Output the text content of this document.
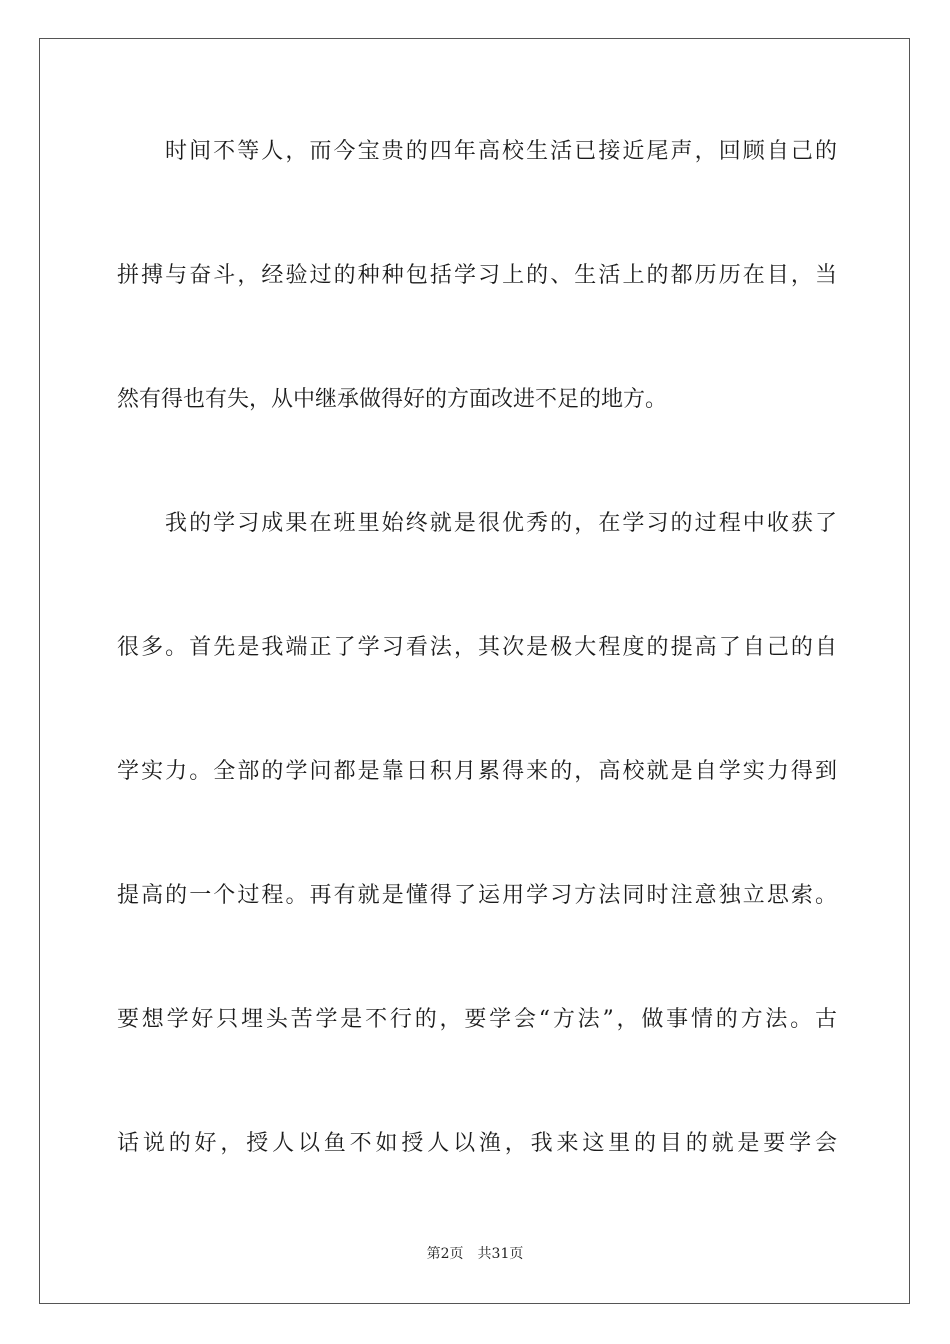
时间不等人，而今宝贵的四年高校生活已接近尾声，回顾自己的
拼搏与奋斗，经验过的种种包括学习上的、生活上的都历历在目，当
然有得也有失，从中继承做得好的方面改进不足的地方。
我的学习成果在班里始终就是很优秀的，在学习的过程中收获了
很多。首先是我端正了学习看法，其次是极大程度的提高了自己的自
学实力。全部的学问都是靠日积月累得来的，高校就是自学实力得到
提高的一个过程。再有就是懂得了运用学习方法同时注意独立思索。
要想学好只埋头苦学是不行的，要学会“方法”，做事情的方法。古
话说的好，授人以鱼不如授人以渔，我来这里的目的就是要学会
第2页 共31页
